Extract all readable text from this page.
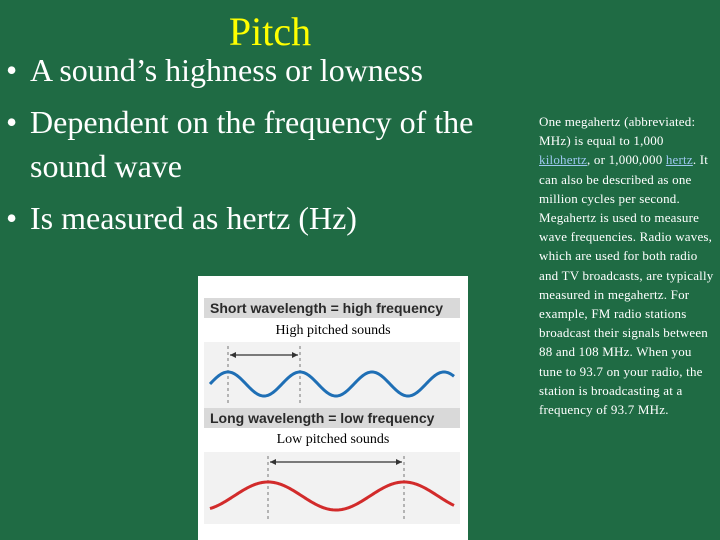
Pitch
• A sound’s highness or lowness
• Dependent on the frequency of the
sound wave
• Is measured as hertz (Hz)
One megahertz (abbreviated: MHz) is equal to 1,000 kilohertz, or 1,000,000 hertz. It can also be described as one million cycles per second. Megahertz is used to measure wave frequencies. Radio waves, which are used for both radio and TV broadcasts, are typically measured in megahertz. For example, FM radio stations broadcast their signals between 88 and 108 MHz. When you tune to 93.7 on your radio, the station is broadcasting at a frequency of 93.7 MHz.
Short wavelength = high frequency
High pitched sounds
Long wavelength = low frequency
Low pitched sounds
